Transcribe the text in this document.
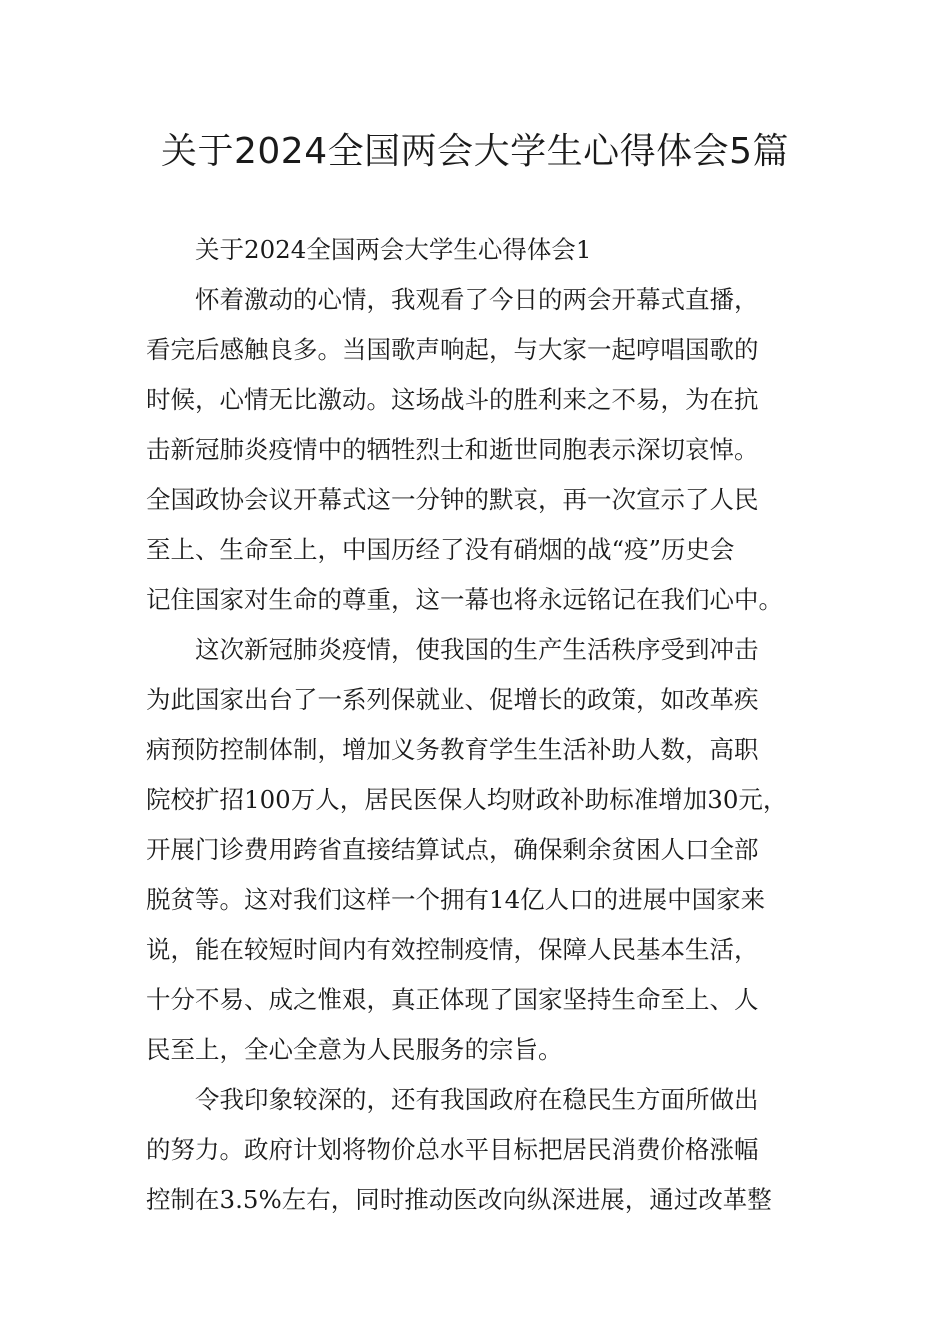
关于2024全国两会大学生心得体会5篇
关于2024全国两会大学生心得体会1
怀着激动的心情，我观看了今日的两会开幕式直播，
看完后感触良多。当国歌声响起，与大家一起哼唱国歌的
时候，心情无比激动。这场战斗的胜利来之不易，为在抗
击新冠肺炎疫情中的牺牲烈士和逝世同胞表示深切哀悼。
全国政协会议开幕式这一分钟的默哀，再一次宣示了人民
至上、生命至上，中国历经了没有硝烟的战“疫”历史会
记住国家对生命的尊重，这一幕也将永远铭记在我们心中。
这次新冠肺炎疫情，使我国的生产生活秩序受到冲击
为此国家出台了一系列保就业、促增长的政策，如改革疾
病预防控制体制，增加义务教育学生生活补助人数，高职
院校扩招100万人，居民医保人均财政补助标准增加30元，
开展门诊费用跨省直接结算试点，确保剩余贫困人口全部
脱贫等。这对我们这样一个拥有14亿人口的进展中国家来
说，能在较短时间内有效控制疫情，保障人民基本生活，
十分不易、成之惟艰，真正体现了国家坚持生命至上、人
民至上，全心全意为人民服务的宗旨。
令我印象较深的，还有我国政府在稳民生方面所做出
的努力。政府计划将物价总水平目标把居民消费价格涨幅
控制在3.5%左右，同时推动医改向纵深进展，通过改革整
